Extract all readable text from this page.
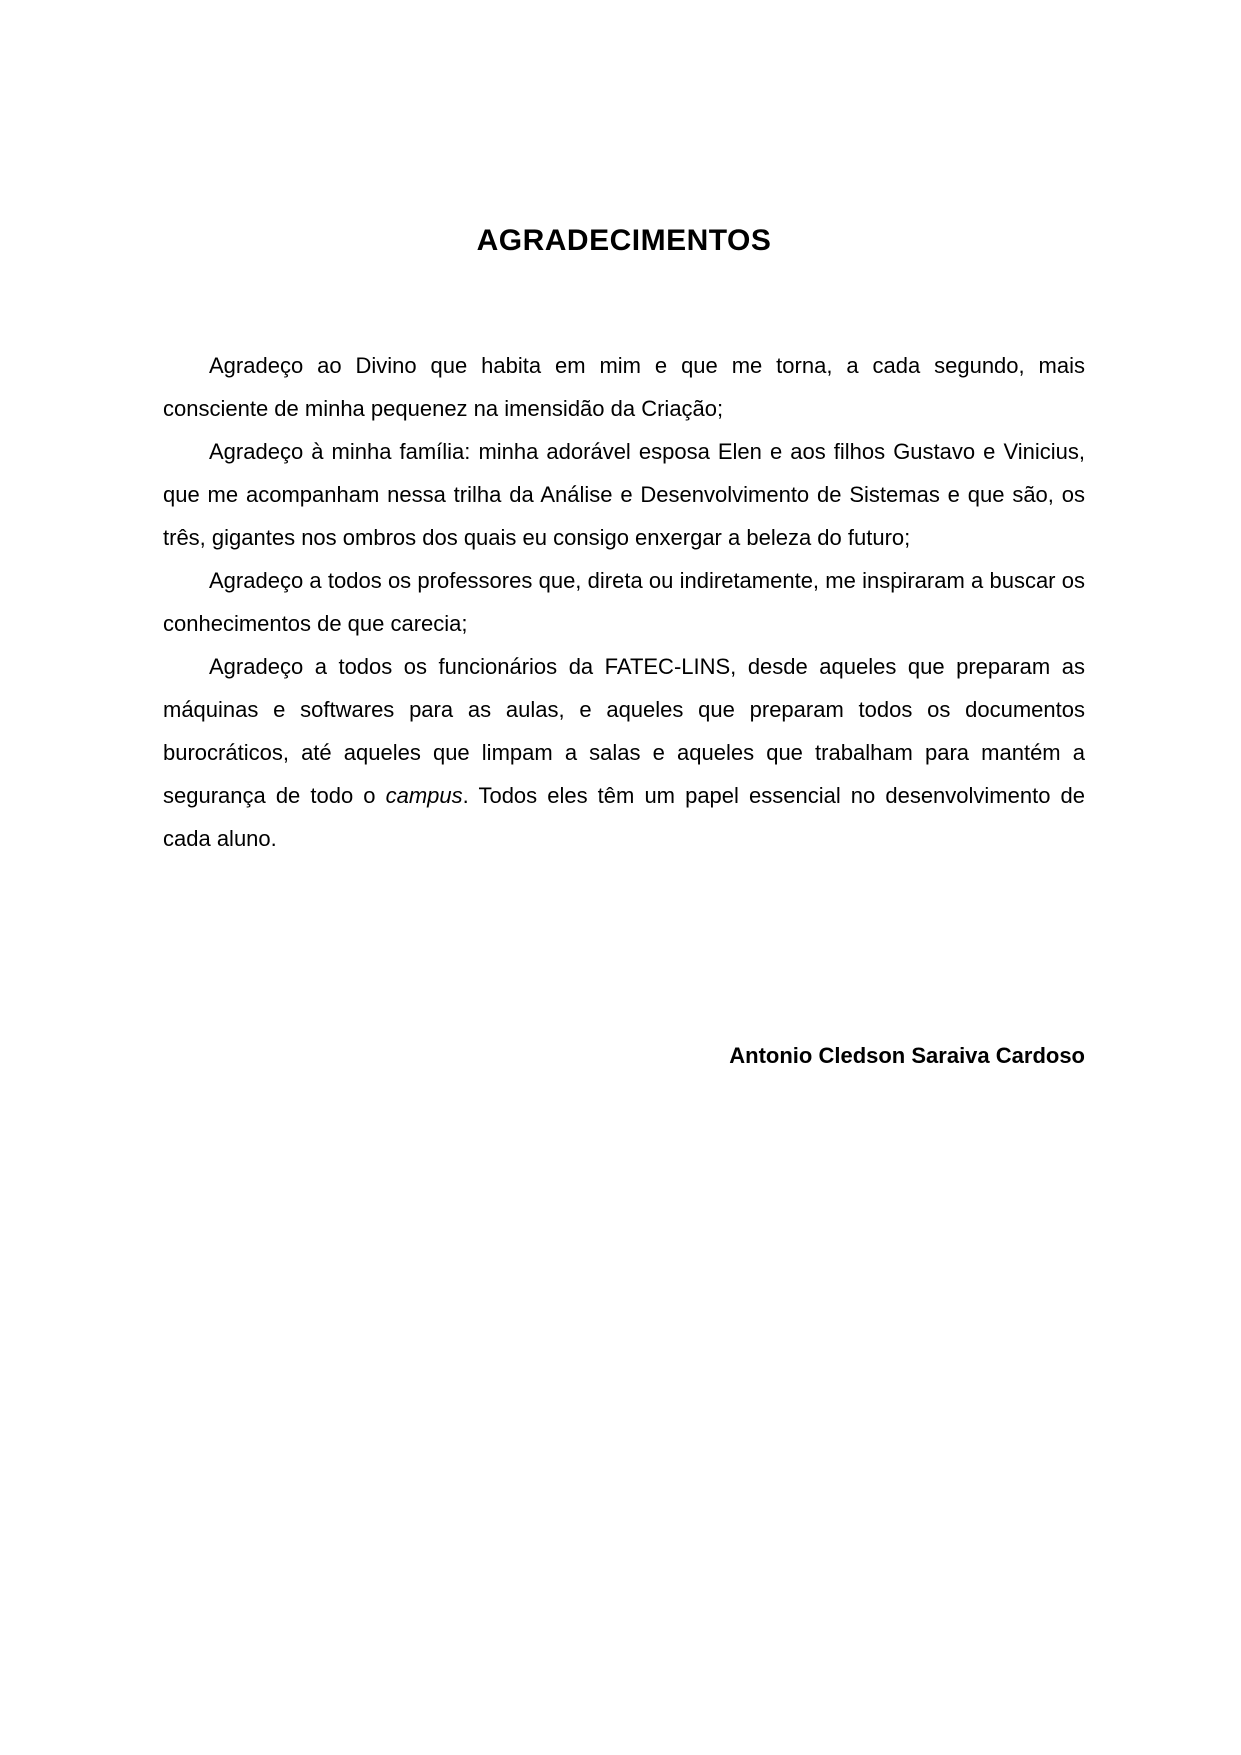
AGRADECIMENTOS

Agradeço ao Divino que habita em mim e que me torna, a cada segundo, mais consciente de minha pequenez na imensidão da Criação;

Agradeço à minha família: minha adorável esposa Elen e aos filhos Gustavo e Vinicius, que me acompanham nessa trilha da Análise e Desenvolvimento de Sistemas e que são, os três, gigantes nos ombros dos quais eu consigo enxergar a beleza do futuro;

Agradeço a todos os professores que, direta ou indiretamente, me inspiraram a buscar os conhecimentos de que carecia;

Agradeço a todos os funcionários da FATEC-LINS, desde aqueles que preparam as máquinas e softwares para as aulas, e aqueles que preparam todos os documentos burocráticos, até aqueles que limpam a salas e aqueles que trabalham para mantém a segurança de todo o campus. Todos eles têm um papel essencial no desenvolvimento de cada aluno.

Antonio Cledson Saraiva Cardoso
